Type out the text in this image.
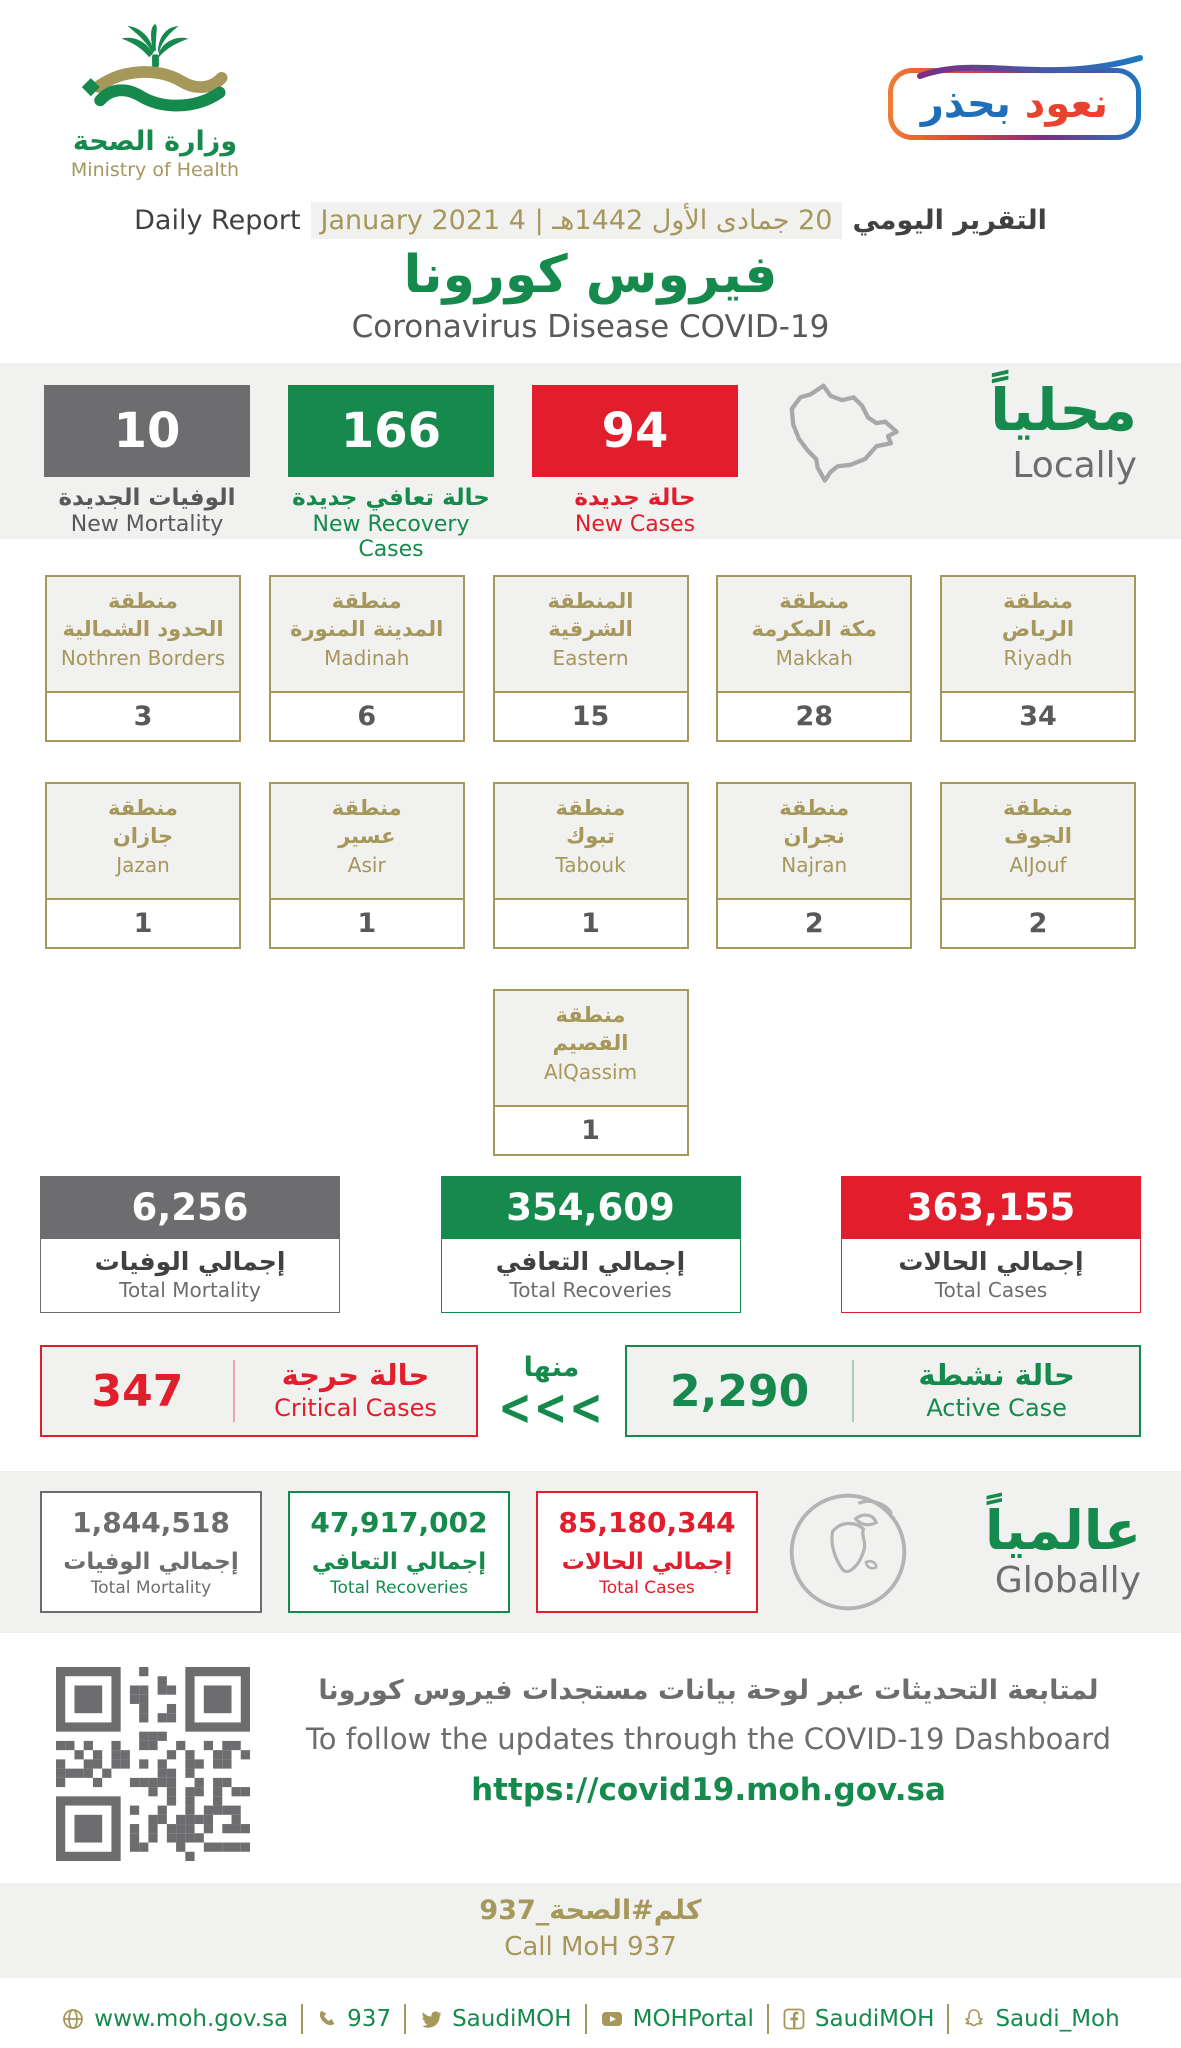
وزارة الصحة
Ministry of Health
نعود بحذر
Daily Report 20 جمادى الأول 1442هـ | 4 January 2021 التقرير اليومي
فيروس كورونا
Coronavirus Disease COVID-19
10
الوفيات الجديدة
New Mortality
166
حالة تعافي جديدة
New Recovery Cases
94
حالة جديدة
New Cases
محلياً
Locally
منطقة
الحدود الشمالية
Nothren Borders
3
منطقة
المدينة المنورة
Madinah
6
المنطقة
الشرقية
Eastern
15
منطقة
مكة المكرمة
Makkah
28
منطقة
الرياض
Riyadh
34
منطقة
جازان
Jazan
1
منطقة
عسير
Asir
1
منطقة
تبوك
Tabouk
1
منطقة
نجران
Najran
2
منطقة
الجوف
AlJouf
2
منطقة
القصيم
AlQassim
1
6,256
إجمالي الوفيات
Total Mortality
354,609
إجمالي التعافي
Total Recoveries
363,155
إجمالي الحالات
Total Cases
347	حالة حرجة
Critical Cases
منها
<<<	2,290	حالة نشطة
Active Case
1,844,518
إجمالي الوفيات
Total Mortality
47,917,002
إجمالي التعافي
Total Recoveries
85,180,344
إجمالي الحالات
Total Cases
عالمياً
Globally
لمتابعة التحديثات عبر لوحة بيانات مستجدات فيروس كورونا
To follow the updates through the COVID-19 Dashboard
https://covid19.moh.gov.sa
كلم#الصحة_937
Call MoH 937
www.moh.gov.sa	937	SaudiMOH	MOHPortal	SaudiMOH	Saudi_Moh
